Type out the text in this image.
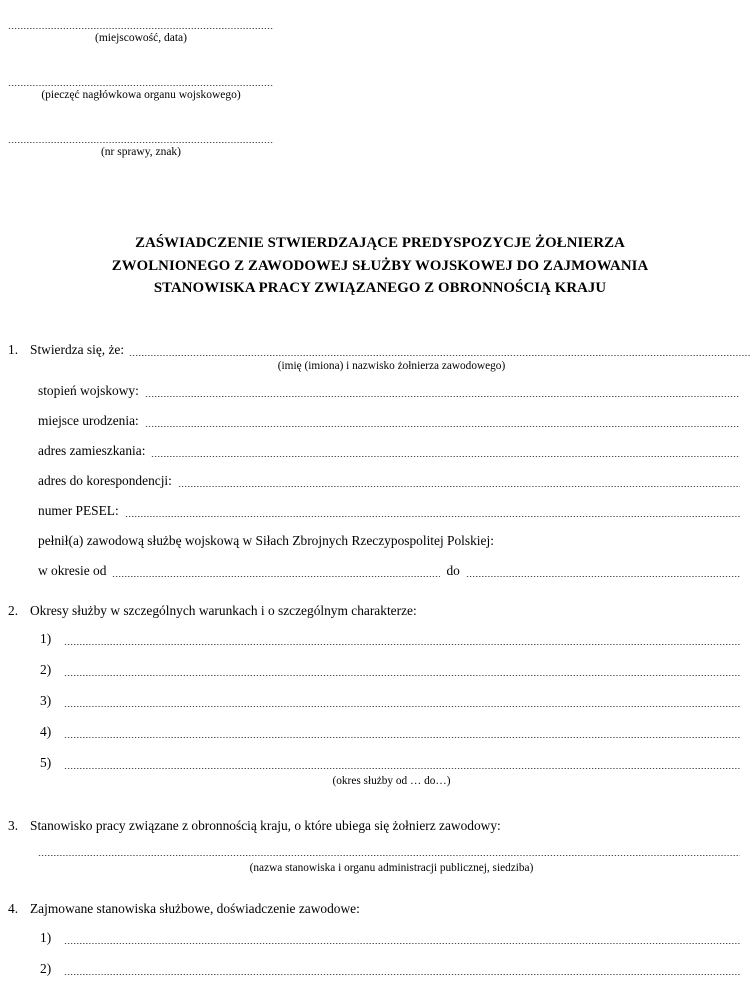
(miejscowość, data)
(pieczęć nagłówkowa organu wojskowego)
(nr sprawy, znak)
ZAŚWIADCZENIE STWIERDZAJĄCE PREDYSPOZYCJE ŻOŁNIERZA
ZWOLNIONEGO Z ZAWODOWEJ SŁUŻBY WOJSKOWEJ DO ZAJMOWANIA
STANOWISKA PRACY ZWIĄZANEGO Z OBRONNOŚCIĄ KRAJU
1. Stwierdza się, że:
(imię (imiona) i nazwisko żołnierza zawodowego)
stopień wojskowy:
miejsce urodzenia:
adres zamieszkania:
adres do korespondencji:
numer PESEL:
pełnił(a) zawodową służbę wojskową w Siłach Zbrojnych Rzeczypospolitej Polskiej:
w okresie od	do
2. Okresy służby w szczególnych warunkach i o szczególnym charakterze:
1)
2)
3)
4)
5)
(okres służby od … do…)
3. Stanowisko pracy związane z obronnością kraju, o które ubiega się żołnierz zawodowy:
(nazwa stanowiska i organu administracji publicznej, siedziba)
4. Zajmowane stanowiska służbowe, doświadczenie zawodowe:
1)
2)
